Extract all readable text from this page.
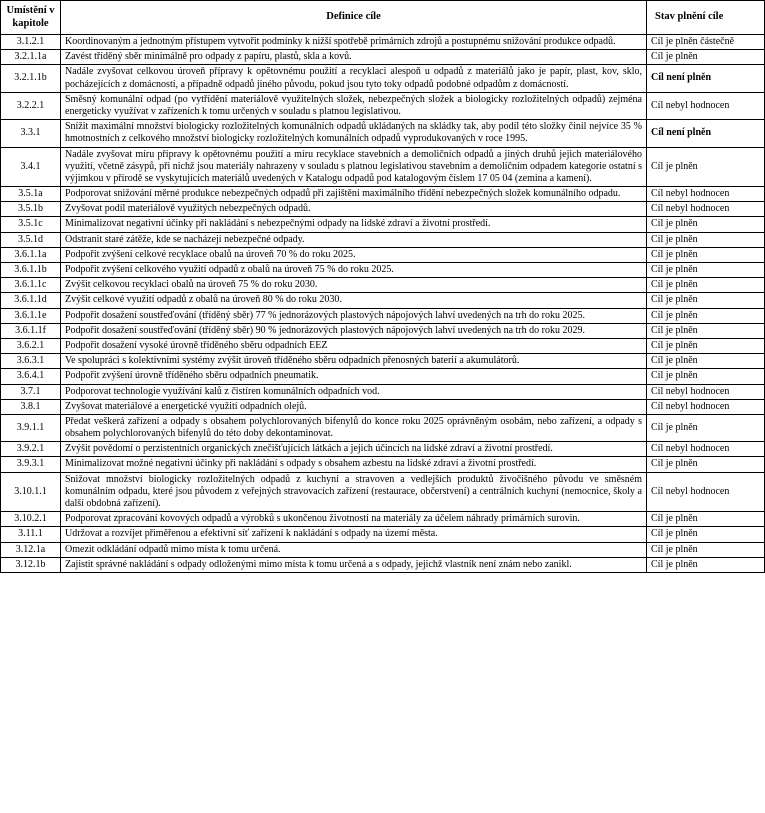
Umístění v kapitole	Definice cíle	Stav plnění cíle
3.1.2.1	Koordinovaným a jednotným přístupem vytvořit podmínky k nižší spotřebě primárních zdrojů a postupnému snižování produkce odpadů.	Cíl je plněn částečně
3.2.1.1a	Zavést tříděný sběr minimálně pro odpady z papíru, plastů, skla a kovů.	Cíl je plněn
3.2.1.1b	Nadále zvyšovat celkovou úroveň přípravy k opětovnému použití a recyklaci alespoň u odpadů z materiálů jako je papír, plast, kov, sklo, pocházejících z domácností, a případně odpadů jiného původu, pokud jsou tyto toky odpadů podobné odpadům z domácností.	Cíl není plněn
3.2.2.1	Směsný komunální odpad (po vytřídění materiálově využitelných složek, nebezpečných složek a biologicky rozložitelných odpadů) zejména energeticky využívat v zařízeních k tomu určených v souladu s platnou legislativou.	Cíl nebyl hodnocen
3.3.1	Snížit maximální množství biologicky rozložitelných komunálních odpadů ukládaných na skládky tak, aby podíl této složky činil nejvíce 35 % hmotnostních z celkového množství biologicky rozložitelných komunálních odpadů vyprodukovaných v roce 1995.	Cíl není plněn
3.4.1	Nadále zvyšovat míru přípravy k opětovnému použití a míru recyklace stavebních a demoličních odpadů a jiných druhů jejich materiálového využití, včetně zásypů, při nichž jsou materiály nahrazeny v souladu s platnou legislativou stavebním a demoličním odpadem kategorie ostatní s výjimkou v přírodě se vyskytujících materiálů uvedených v Katalogu odpadů pod katalogovým číslem 17 05 04 (zemina a kamení).	Cíl je plněn
3.5.1a	Podporovat snižování měrné produkce nebezpečných odpadů při zajištění maximálního třídění nebezpečných složek komunálního odpadu.	Cíl nebyl hodnocen
3.5.1b	Zvyšovat podíl materiálově využitých nebezpečných odpadů.	Cíl nebyl hodnocen
3.5.1c	Minimalizovat negativní účinky při nakládání s nebezpečnými odpady na lidské zdraví a životní prostředí.	Cíl je plněn
3.5.1d	Odstranit staré zátěže, kde se nacházejí nebezpečné odpady.	Cíl je plněn
3.6.1.1a	Podpořit zvýšení celkové recyklace obalů na úroveň 70 % do roku 2025.	Cíl je plněn
3.6.1.1b	Podpořit zvýšení celkového využití odpadů z obalů na úroveň 75 % do roku 2025.	Cíl je plněn
3.6.1.1c	Zvýšit celkovou recyklaci obalů na úroveň 75 % do roku 2030.	Cíl je plněn
3.6.1.1d	Zvýšit celkové využití odpadů z obalů na úroveň 80 % do roku 2030.	Cíl je plněn
3.6.1.1e	Podpořit dosažení soustřeďování (tříděný sběr) 77 % jednorázových plastových nápojových lahví uvedených na trh do roku 2025.	Cíl je plněn
3.6.1.1f	Podpořit dosažení soustřeďování (tříděný sběr) 90 % jednorázových plastových nápojových lahví uvedených na trh do roku 2029.	Cíl je plněn
3.6.2.1	Podpořit dosažení vysoké úrovně tříděného sběru odpadních EEZ	Cíl je plněn
3.6.3.1	Ve spolupráci s kolektivními systémy zvýšit úroveň tříděného sběru odpadních přenosných baterií a akumulátorů.	Cíl je plněn
3.6.4.1	Podpořit zvýšení úrovně tříděného sběru odpadních pneumatik.	Cíl je plněn
3.7.1	Podporovat technologie využívání kalů z čistíren komunálních odpadních vod.	Cíl nebyl hodnocen
3.8.1	Zvyšovat materiálové a energetické využití odpadních olejů.	Cíl nebyl hodnocen
3.9.1.1	Předat veškerá zařízení a odpady s obsahem polychlorovaných bifenylů do konce roku 2025 oprávněným osobám, nebo zařízení, a odpady s obsahem polychlorovaných bifenylů do této doby dekontaminovat.	Cíl je plněn
3.9.2.1	Zvýšit povědomí o perzistentních organických znečišťujících látkách a jejich účincích na lidské zdraví a životní prostředí.	Cíl nebyl hodnocen
3.9.3.1	Minimalizovat možné negativní účinky při nakládání s odpady s obsahem azbestu na lidské zdraví a životní prostředí.	Cíl je plněn
3.10.1.1	Snižovat množství biologicky rozložitelných odpadů z kuchyní a stravoven a vedlejších produktů živočišného původu ve směsném komunálním odpadu, které jsou původem z veřejných stravovacích zařízení (restaurace, občerstvení) a centrálních kuchyní (nemocnice, školy a další obdobná zařízení).	Cíl nebyl hodnocen
3.10.2.1	Podporovat zpracování kovových odpadů a výrobků s ukončenou životností na materiály za účelem náhrady primárních surovin.	Cíl je plněn
3.11.1	Udržovat a rozvíjet přiměřenou a efektivní síť zařízení k nakládání s odpady na území města.	Cíl je plněn
3.12.1a	Omezit odkládání odpadů mimo místa k tomu určená.	Cíl je plněn
3.12.1b	Zajistit správné nakládání s odpady odloženými mimo místa k tomu určená a s odpady, jejichž vlastník není znám nebo zanikl.	Cíl je plněn
